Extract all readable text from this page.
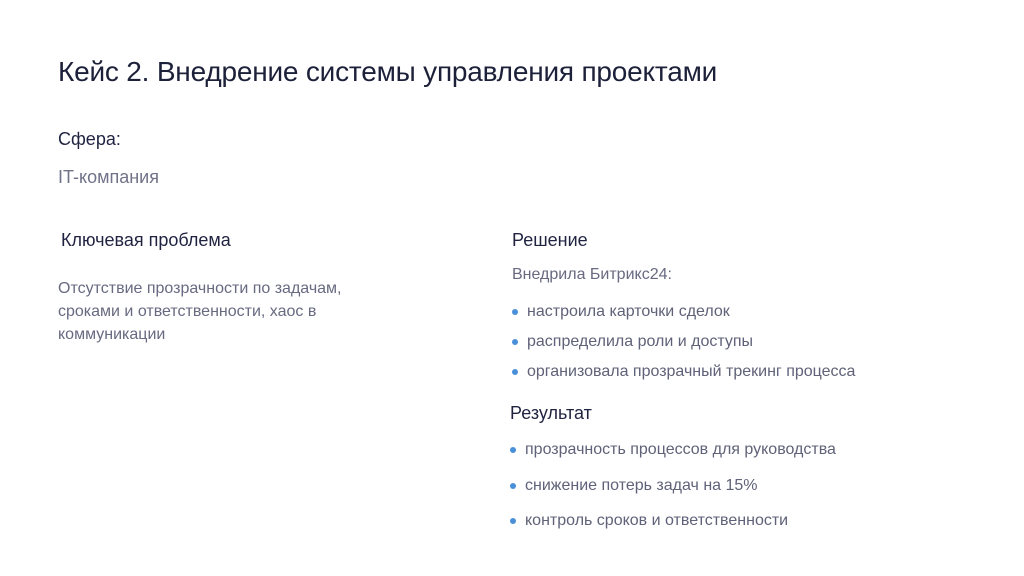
Кейс 2. Внедрение системы управления проектами
Сфера:
IT-компания
Ключевая проблема

Отсутствие прозрачности по задачам, сроками и ответственности, хаос в коммуникации

Решение
Внедрила Битрикс24:
настроила карточки сделок
распределила роли и доступы
организовала прозрачный трекинг процесса
Результат
прозрачность процессов для руководства
снижение потерь задач на 15%
контроль сроков и ответственности
